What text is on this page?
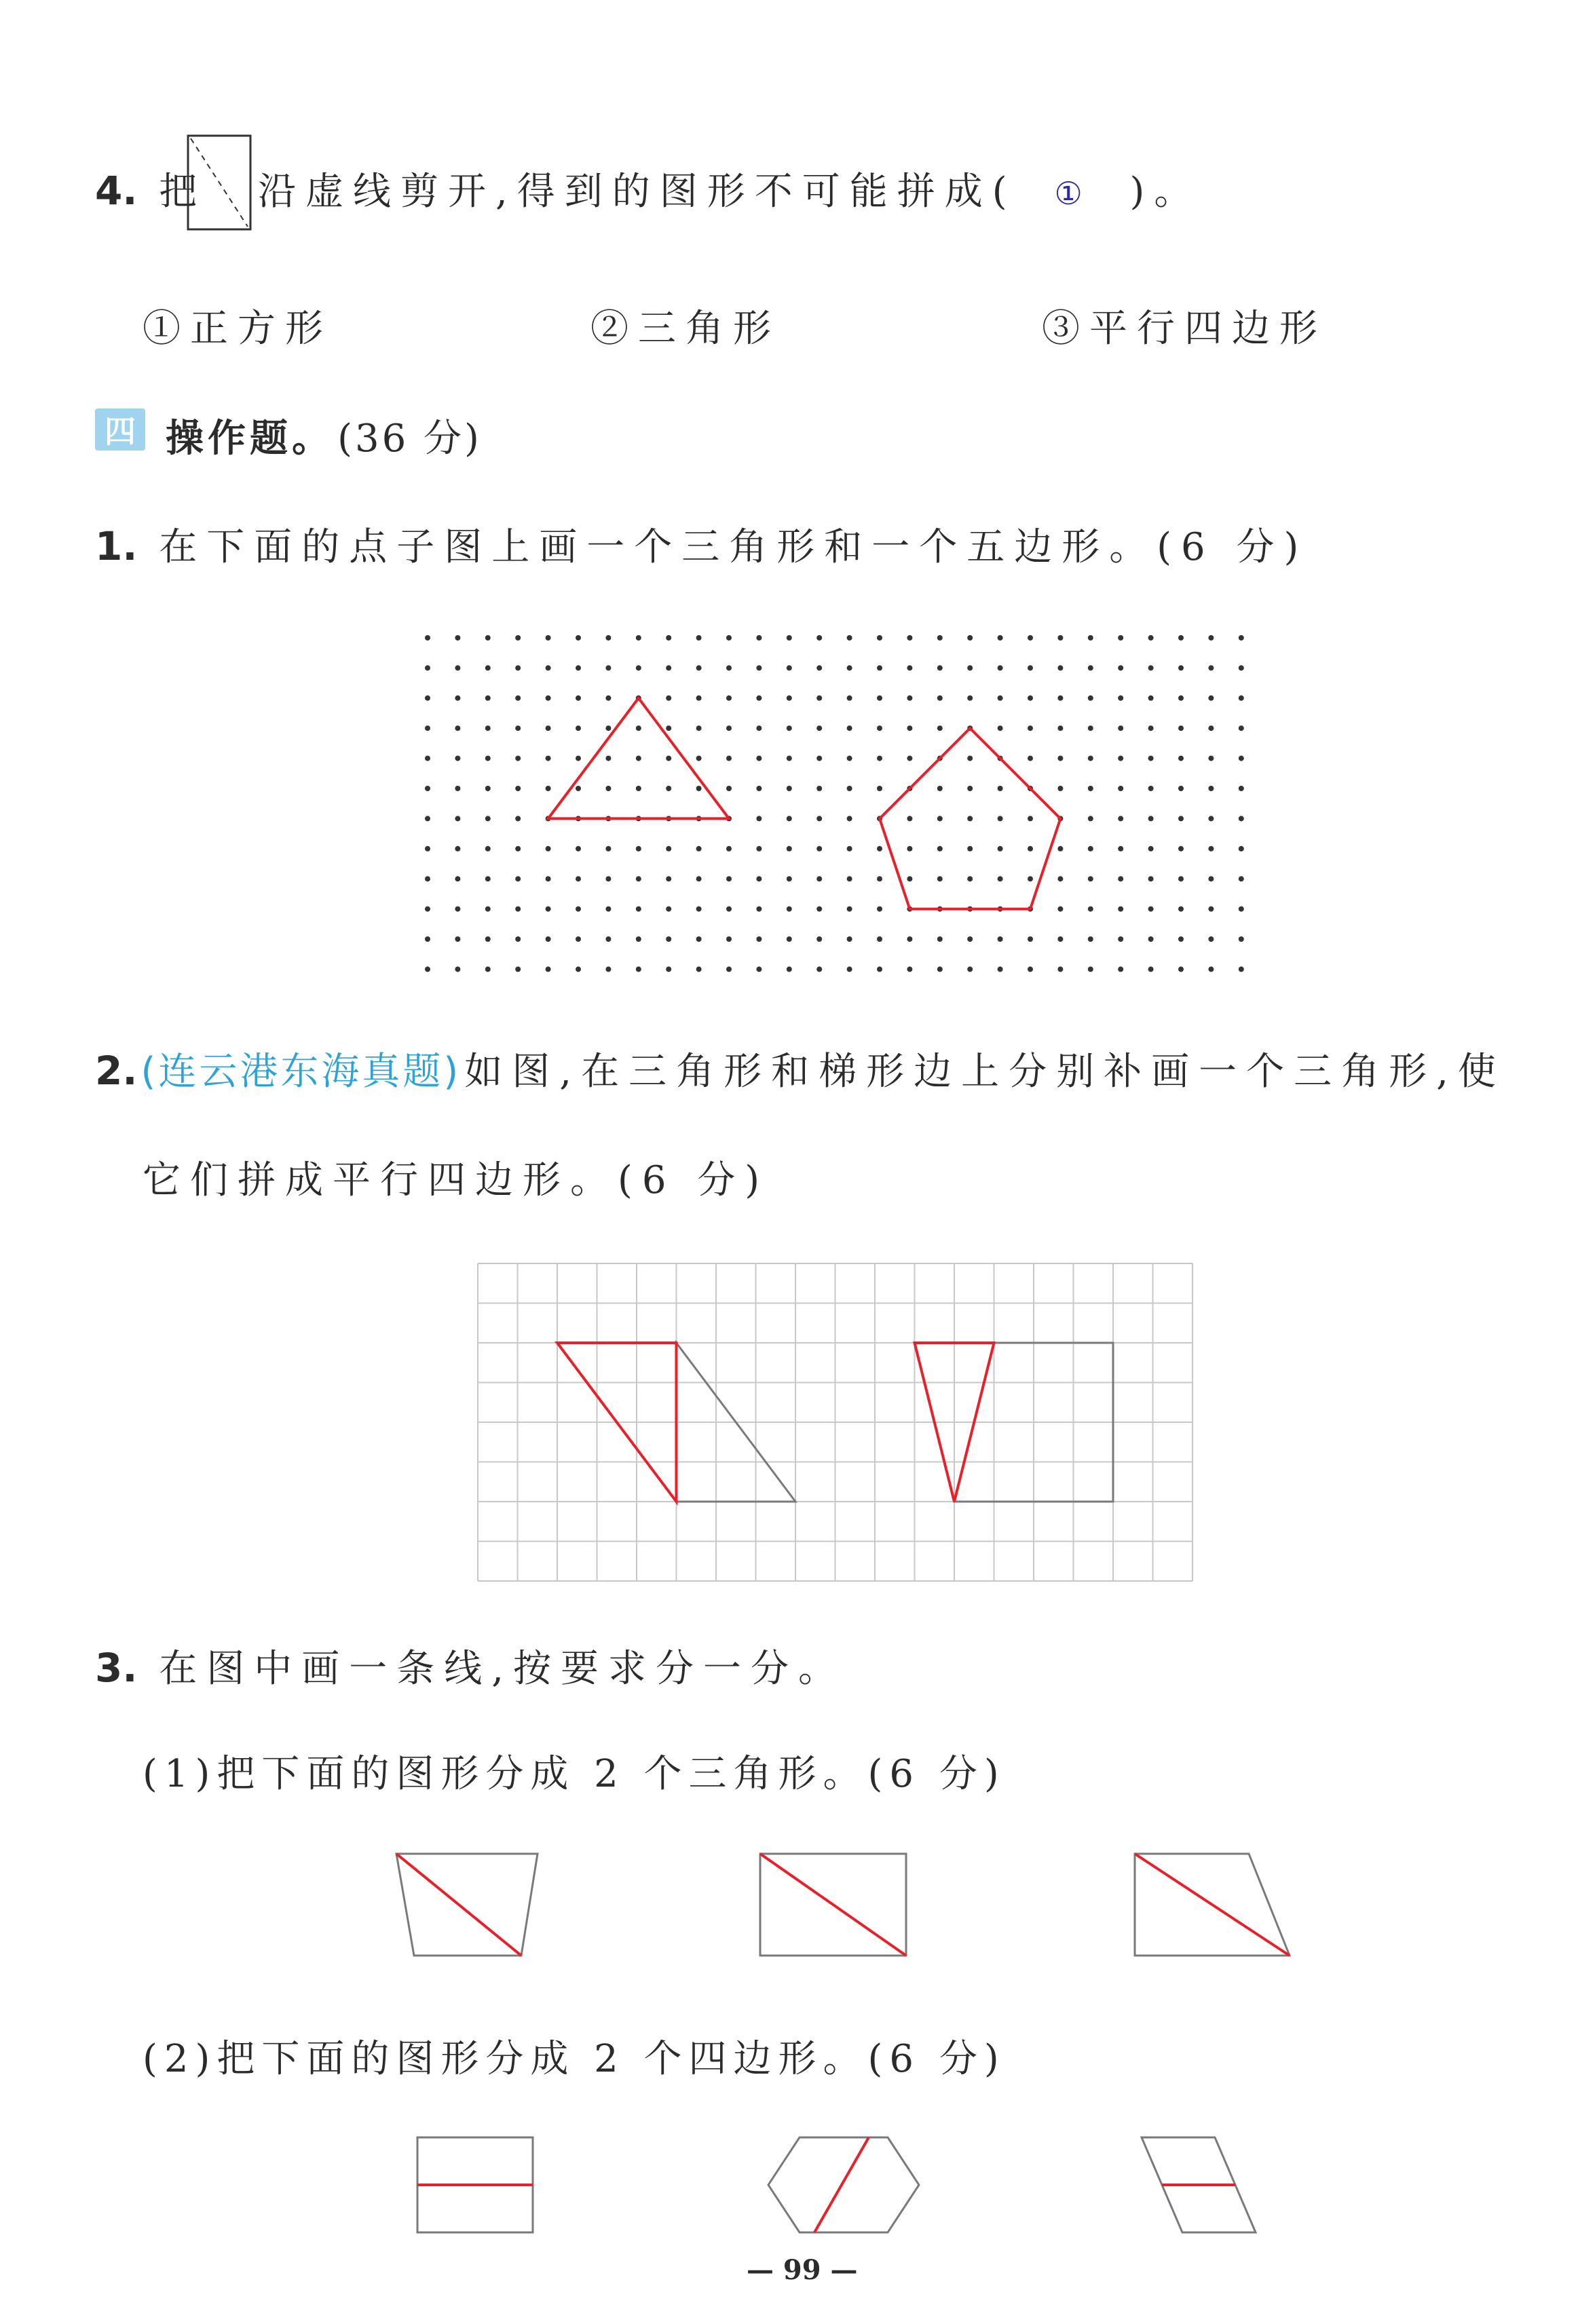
4. 把 沿虚线剪开,得到的图形不可能拼成( ① )。
①正方形	②三角形	③平行四边形
四 操作题。 (36 分)
1. 在下面的点子图上画一个三角形和一个五边形。(6 分)
2. (连云港东海真题) 如图,在三角形和梯形边上分别补画一个三角形,使
它们拼成平行四边形。(6 分)
3. 在图中画一条线,按要求分一分。
(1)把下面的图形分成 2 个三角形。(6 分)
(2)把下面的图形分成 2 个四边形。(6 分)
— 99 —
